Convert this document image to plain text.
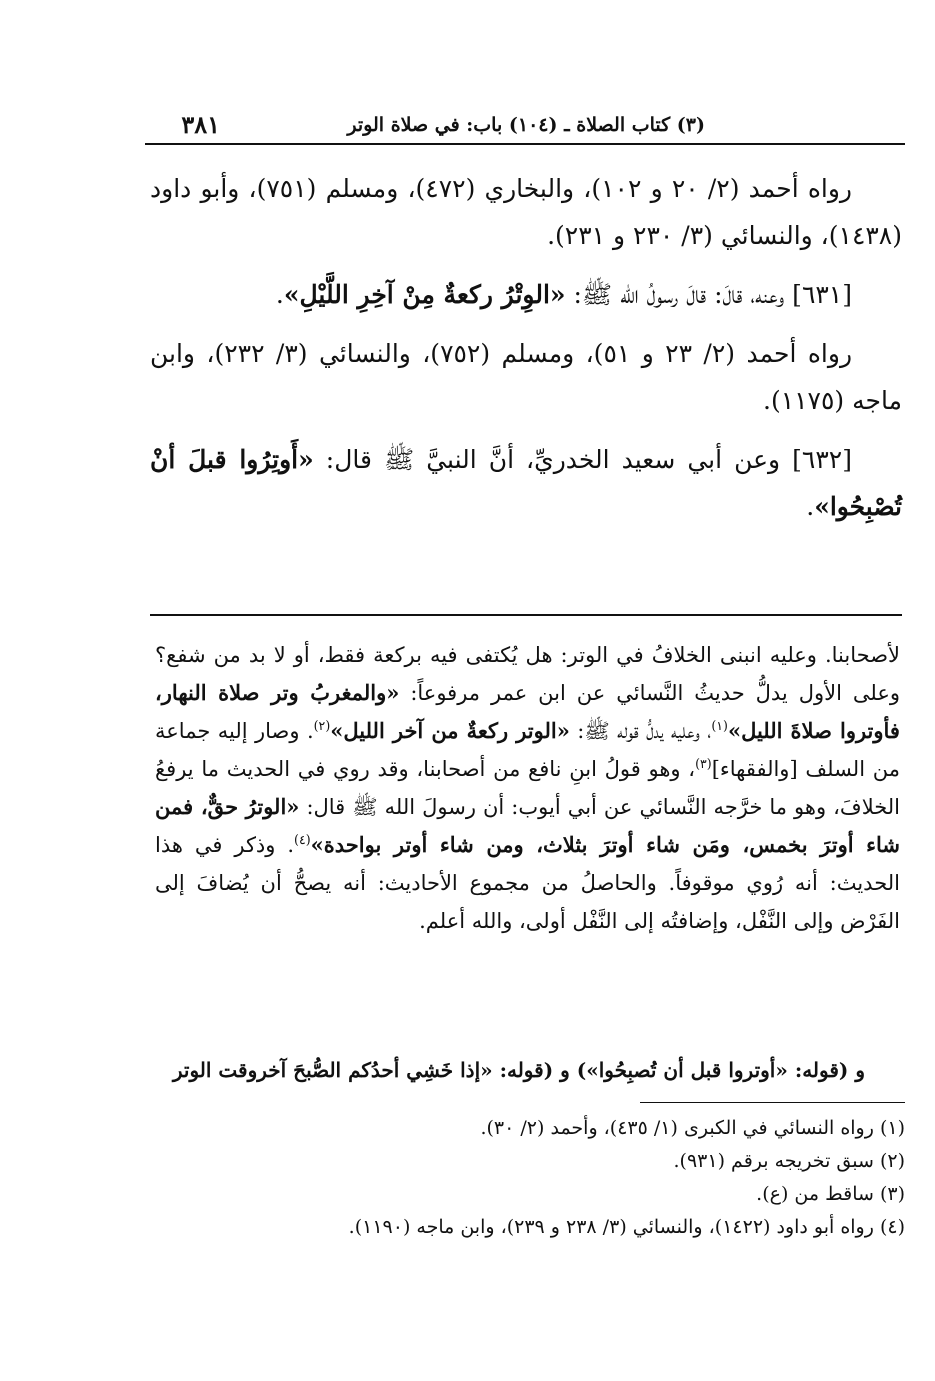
٣٨١	(٣) كتاب الصلاة ـ (١٠٤) باب: في صلاة الوتر

رواه أحمد (٢/ ٢٠ و ١٠٢)، والبخاري (٤٧٢)، ومسلم (٧٥١)، وأبو داود (١٤٣٨)، والنسائي (٣/ ٢٣٠ و ٢٣١).

[٦٣١] وعنه، قالَ: قالَ رسولُ الله ﷺ: «الوِتْرُ ركعةٌ مِنْ آخِرِ اللَّيْلِ».

رواه أحمد (٢/ ٢٣ و ٥١)، ومسلم (٧٥٢)، والنسائي (٣/ ٢٣٢)، وابن ماجه (١١٧٥).

[٦٣٢] وعن أبي سعيد الخدريِّ، أنَّ النبيَّ ﷺ قال: «أَوتِرُوا قبلَ أنْ تُصْبِحُوا».

لأصحابنا. وعليه انبنى الخلافُ في الوتر: هل يُكتفى فيه بركعة فقط، أو لا بد من شفع؟ وعلى الأول يدلُّ حديثُ النَّسائي عن ابن عمر مرفوعاً: «والمغربُ وتر صلاة النهار، فأوتروا صلاةَ الليل»$^{(١)}$، وعليه يدلُّ قوله ﷺ: «الوتر ركعةٌ من آخر الليل»$^{(٢)}$. وصار إليه جماعة من السلف [والفقهاء]$^{(٣)}$، وهو قولُ ابنِ نافع من أصحابنا، وقد روي في الحديث ما يرفعُ الخلافَ، وهو ما خرَّجه النَّسائي عن أبي أيوب: أن رسولَ الله ﷺ قال: «الوترُ حقٌّ، فمن شاء أوترَ بخمس، ومَن شاء أوترَ بثلاث، ومن شاء أوتر بواحدة»$^{(٤)}$. وذكر في هذا الحديث: أنه رُوي موقوفاً. والحاصلُ من مجموع الأحاديث: أنه يصحُّ أن يُضافَ إلى الفَرْض وإلى النَّفْل، وإضافتُه إلى النَّفْل أولى، والله أعلم.

و (قوله: «أوتروا قبل أن تُصبِحُوا») و (قوله: «إذا خَشِي أحدُكم الصُّبحَ آخروقت الوتر

(١) رواه النسائي في الكبرى (١/ ٤٣٥)، وأحمد (٢/ ٣٠).

(٢) سبق تخريجه برقم (٩٣١).

(٣) ساقط من (ع).

(٤) رواه أبو داود (١٤٢٢)، والنسائي (٣/ ٢٣٨ و ٢٣٩)، وابن ماجه (١١٩٠).
